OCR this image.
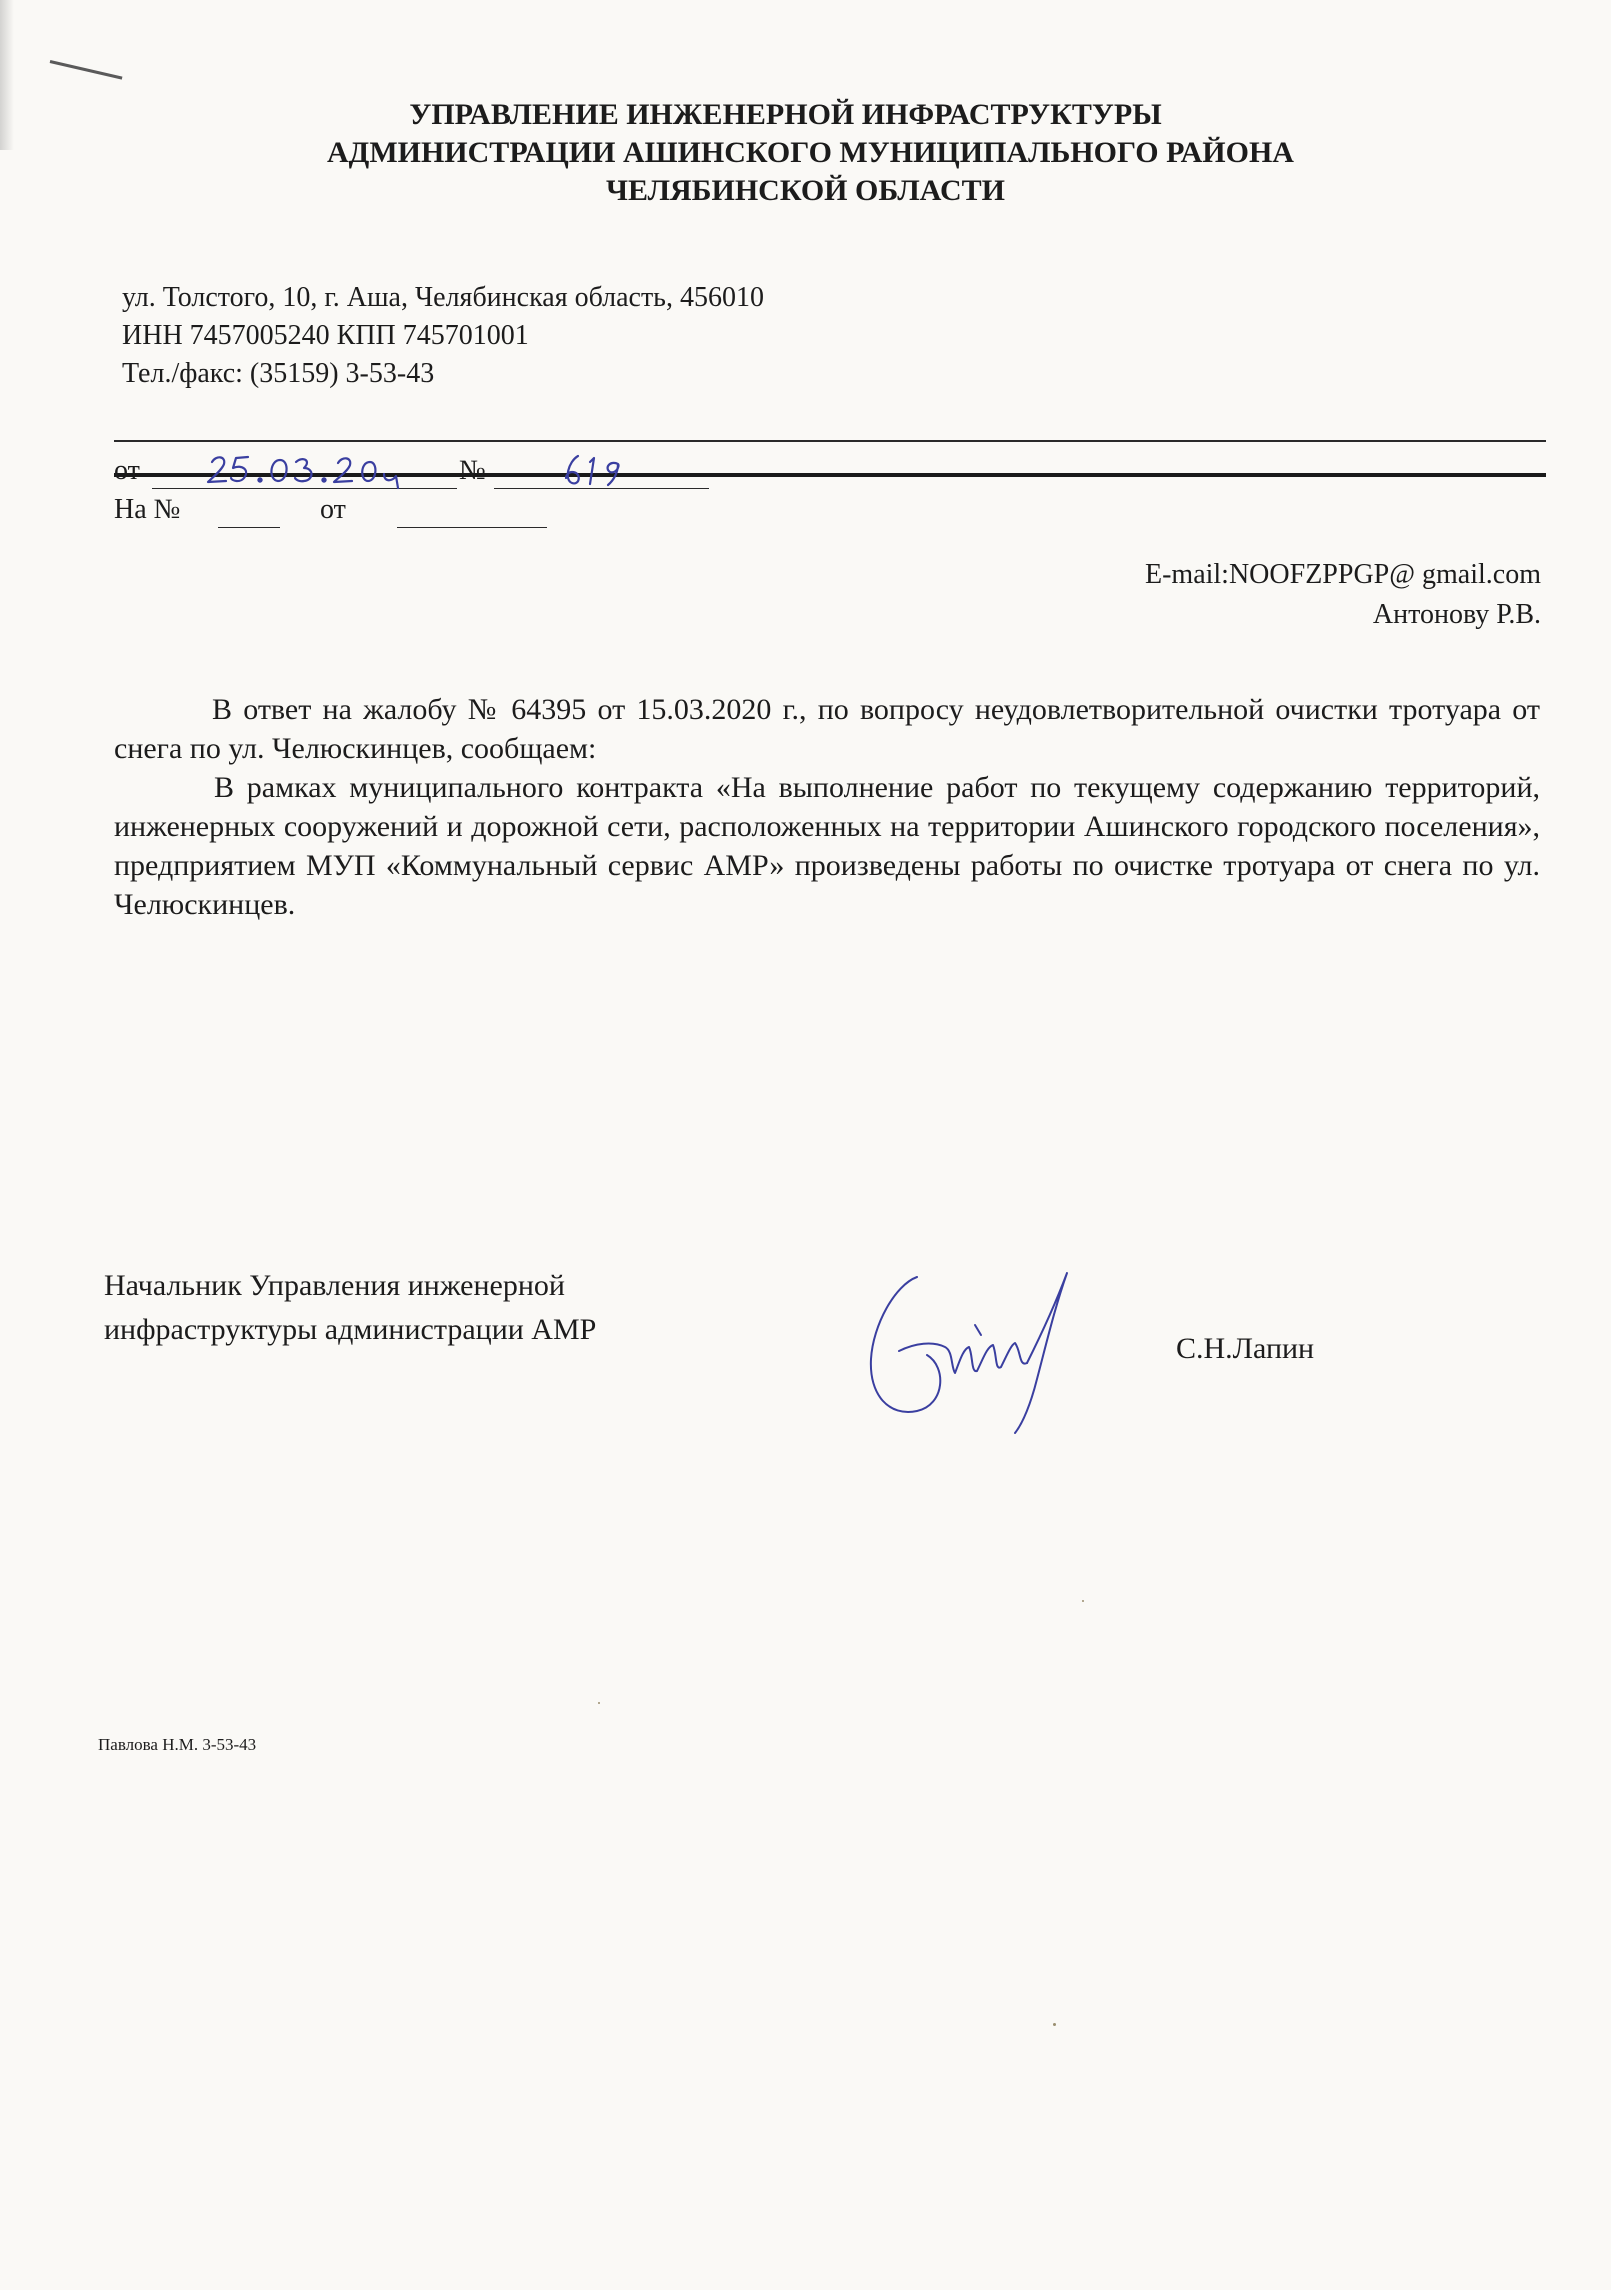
УПРАВЛЕНИЕ ИНЖЕНЕРНОЙ ИНФРАСТРУКТУРЫ
АДМИНИСТРАЦИИ АШИНСКОГО МУНИЦИПАЛЬНОГО РАЙОНА
ЧЕЛЯБИНСКОЙ ОБЛАСТИ
ул. Толстого, 10, г. Аша, Челябинская область, 456010
ИНН 7457005240 КПП 745701001
Тел./факс: (35159) 3-53-43
от	№
На №	от
E-mail:NOOFZPPGP@ gmail.com
Антонову Р.В.

В ответ на жалобу № 64395 от 15.03.2020 г., по вопросу неудовлетворительной очистки тротуара от снега по ул. Челюскинцев, сообщаем:

В рамках муниципального контракта «На выполнение работ по текущему содержанию территорий, инженерных сооружений и дорожной сети, расположенных на территории Ашинского городского поселения», предприятием МУП «Коммунальный сервис АМР» произведены работы по очистке тротуара от снега по ул. Челюскинцев.

Начальник Управления инженерной
инфраструктуры администрации АМР
С.Н.Лапин
Павлова Н.М. 3-53-43
